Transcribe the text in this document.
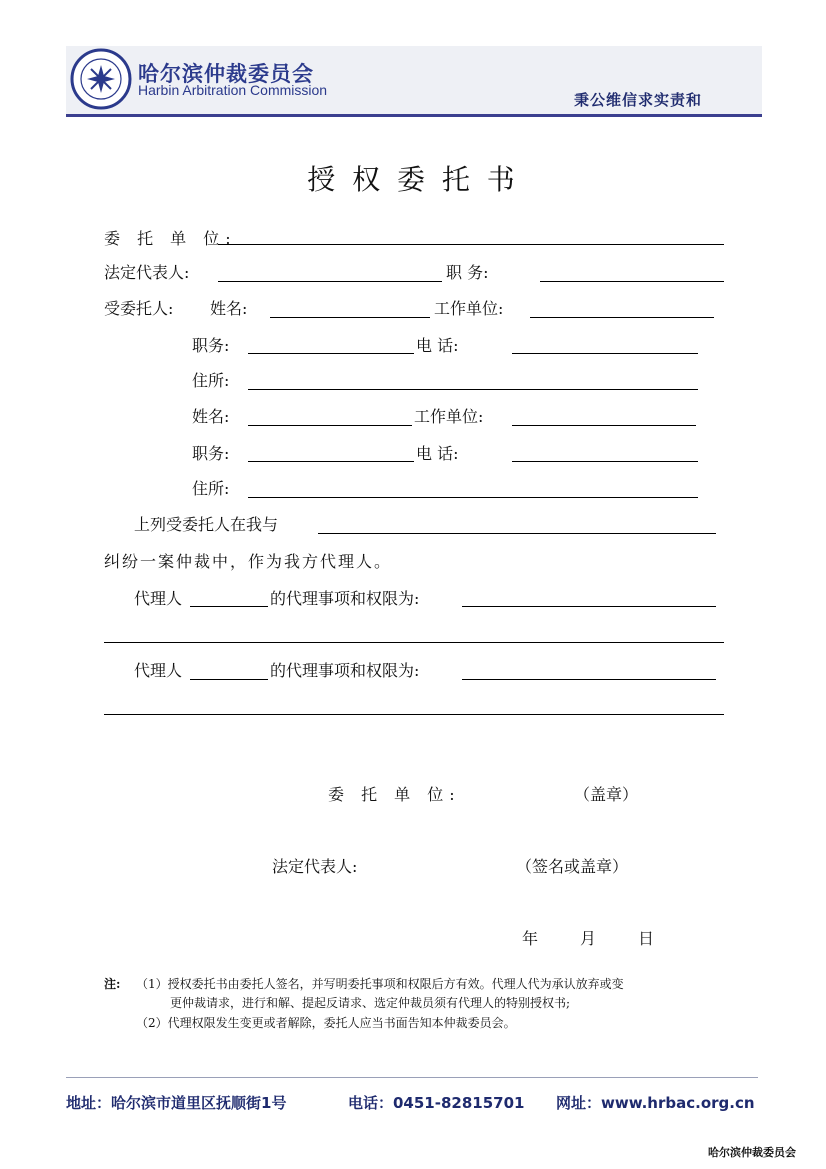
哈尔滨仲裁委员会
Harbin Arbitration Commission
秉公维信求实责和
授 权 委 托 书
委 托 单 位:
法定代表人:	职 务:
受委托人: 姓名:	工作单位:
职务:	电 话:
住所:
姓名:	工作单位:
职务:	电 话:
住所:
上列受委托人在我与
纠纷一案仲裁中，作为我方代理人。
代理人	的代理事项和权限为:
代理人	的代理事项和权限为:
委 托 单 位:	（盖章）
法定代表人:	（签名或盖章）
年	月	日
注: （1）授权委托书由委托人签名，并写明委托事项和权限后方有效。代理人代为承认放弃或变
更仲裁请求，进行和解、提起反请求、选定仲裁员须有代理人的特别授权书;
（2）代理权限发生变更或者解除，委托人应当书面告知本仲裁委员会。
地址：哈尔滨市道里区抚顺街1号	电话：0451-82815701 网址：www.hrbac.org.cn
哈尔滨仲裁委员会
